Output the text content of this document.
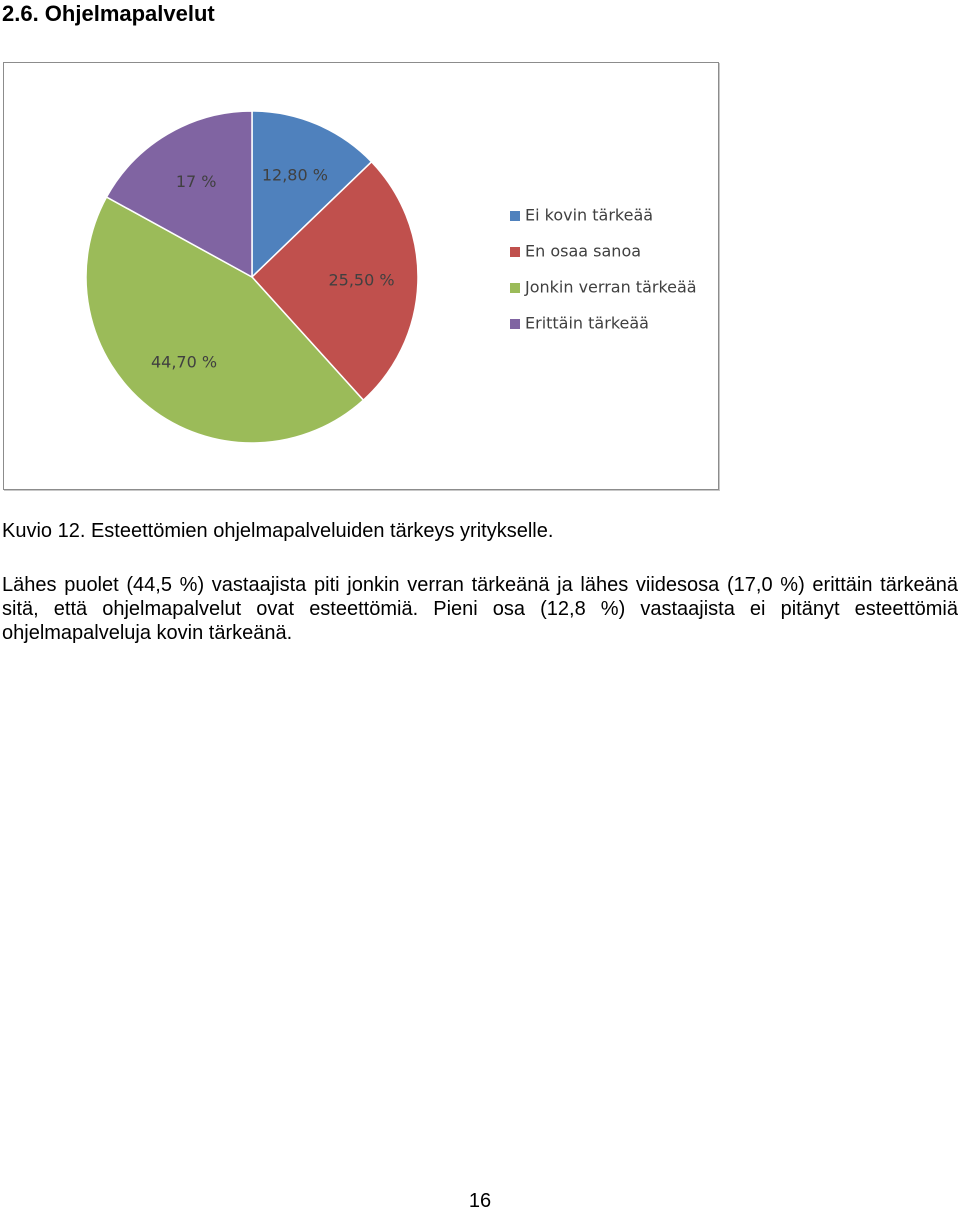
2.6. Ohjelmapalvelut
12,80 %
25,50 %
44,70 %
17 %
Ei kovin tärkeää
En osaa sanoa
Jonkin verran tärkeää
Erittäin tärkeää

Kuvio 12. Esteettömien ohjelmapalveluiden tärkeys yritykselle.

Lähes puolet (44,5 %) vastaajista piti jonkin verran tärkeänä ja lähes viidesosa (17,0 %) erittäin tärkeänä sitä, että ohjelmapalvelut ovat esteettömiä. Pieni osa (12,8 %) vastaajista ei pitänyt esteettömiä ohjelmapalveluja kovin tärkeänä.

16
